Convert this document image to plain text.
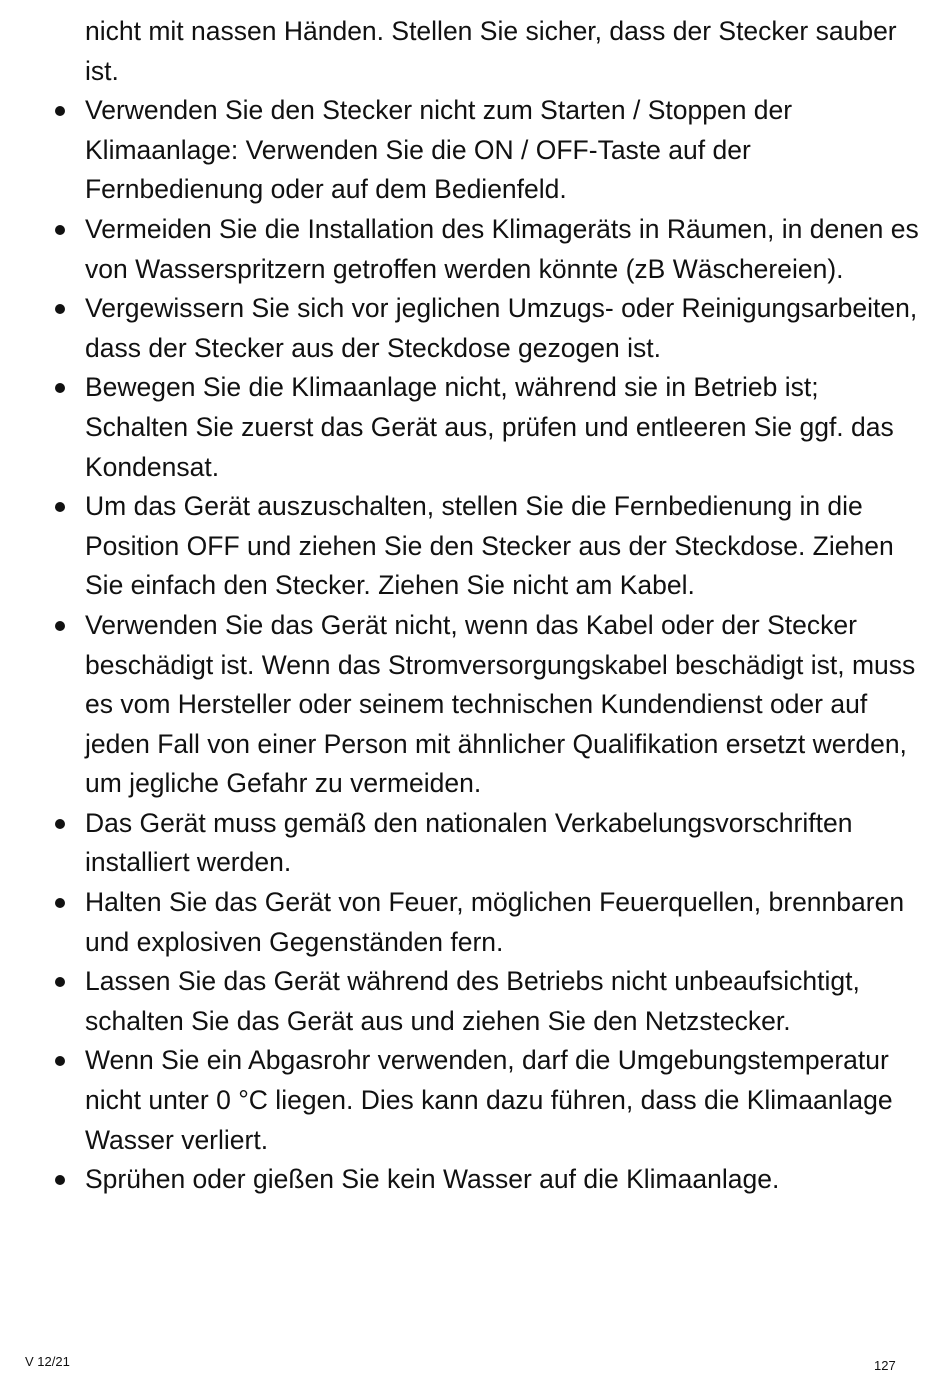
nicht mit nassen Händen. Stellen Sie sicher, dass der Stecker sauber ist.

Verwenden Sie den Stecker nicht zum Starten / Stoppen der Klimaanlage: Verwenden Sie die ON / OFF-Taste auf der Fernbedienung oder auf dem Bedienfeld.
Vermeiden Sie die Installation des Klimageräts in Räumen, in denen es von Wasserspritzern getroffen werden könnte (zB Wäschereien).
Vergewissern Sie sich vor jeglichen Umzugs- oder Reinigungsarbeiten, dass der Stecker aus der Steckdose gezogen ist.
Bewegen Sie die Klimaanlage nicht, während sie in Betrieb ist; Schalten Sie zuerst das Gerät aus, prüfen und entleeren Sie ggf. das Kondensat.
Um das Gerät auszuschalten, stellen Sie die Fernbedienung in die Position OFF und ziehen Sie den Stecker aus der Steckdose. Ziehen Sie einfach den Stecker. Ziehen Sie nicht am Kabel.
Verwenden Sie das Gerät nicht, wenn das Kabel oder der Stecker beschädigt ist. Wenn das Stromversorgungskabel beschädigt ist, muss es vom Hersteller oder seinem technischen Kundendienst oder auf jeden Fall von einer Person mit ähnlicher Qualifikation ersetzt werden, um jegliche Gefahr zu vermeiden.
Das Gerät muss gemäß den nationalen Verkabelungsvorschriften installiert werden.
Halten Sie das Gerät von Feuer, möglichen Feuerquellen, brennbaren und explosiven Gegenständen fern.
Lassen Sie das Gerät während des Betriebs nicht unbeaufsichtigt, schalten Sie das Gerät aus und ziehen Sie den Netzstecker.
Wenn Sie ein Abgasrohr verwenden, darf die Umgebungstemperatur nicht unter 0 °C liegen. Dies kann dazu führen, dass die Klimaanlage Wasser verliert.
Sprühen oder gießen Sie kein Wasser auf die Klimaanlage.
V 12/21	127
